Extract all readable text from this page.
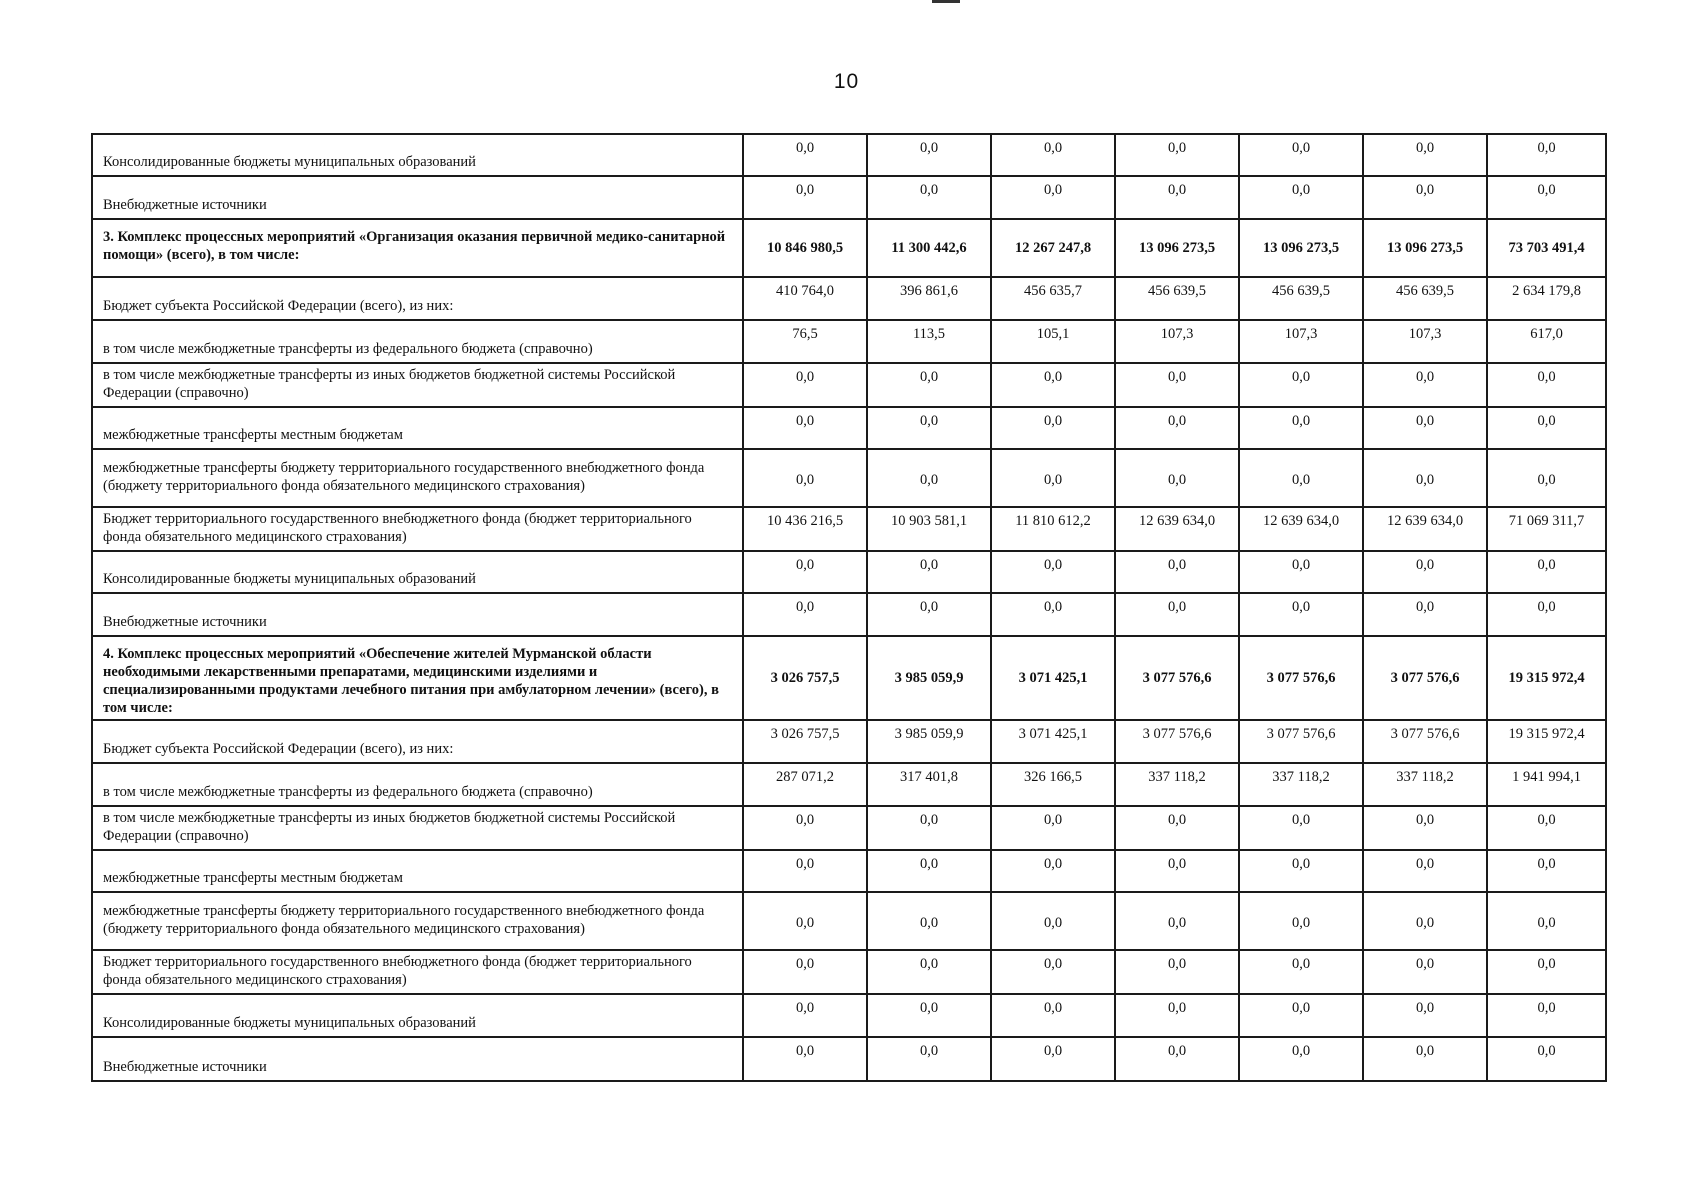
10
Консолидированные бюджеты муниципальных образований	0,0	0,0	0,0	0,0	0,0	0,0	0,0
Внебюджетные источники	0,0	0,0	0,0	0,0	0,0	0,0	0,0
3. Комплекс процессных мероприятий «Организация оказания первичной медико-санитарной помощи» (всего), в том числе:	10 846 980,5	11 300 442,6	12 267 247,8	13 096 273,5	13 096 273,5	13 096 273,5	73 703 491,4
Бюджет субъекта Российской Федерации (всего), из них:	410 764,0	396 861,6	456 635,7	456 639,5	456 639,5	456 639,5	2 634 179,8
в том числе межбюджетные трансферты из федерального бюджета (справочно)	76,5	113,5	105,1	107,3	107,3	107,3	617,0
в том числе межбюджетные трансферты из иных бюджетов бюджетной системы Российской Федерации (справочно)	0,0	0,0	0,0	0,0	0,0	0,0	0,0
межбюджетные трансферты местным бюджетам	0,0	0,0	0,0	0,0	0,0	0,0	0,0
межбюджетные трансферты бюджету территориального государственного внебюджетного фонда (бюджету территориального фонда обязательного медицинского страхования)	0,0	0,0	0,0	0,0	0,0	0,0	0,0
Бюджет территориального государственного внебюджетного фонда (бюджет территориального фонда обязательного медицинского страхования)	10 436 216,5	10 903 581,1	11 810 612,2	12 639 634,0	12 639 634,0	12 639 634,0	71 069 311,7
Консолидированные бюджеты муниципальных образований	0,0	0,0	0,0	0,0	0,0	0,0	0,0
Внебюджетные источники	0,0	0,0	0,0	0,0	0,0	0,0	0,0
4. Комплекс процессных мероприятий «Обеспечение жителей Мурманской области необходимыми лекарственными препаратами, медицинскими изделиями и специализированными продуктами лечебного питания при амбулаторном лечении» (всего), в том числе:	3 026 757,5	3 985 059,9	3 071 425,1	3 077 576,6	3 077 576,6	3 077 576,6	19 315 972,4
Бюджет субъекта Российской Федерации (всего), из них:	3 026 757,5	3 985 059,9	3 071 425,1	3 077 576,6	3 077 576,6	3 077 576,6	19 315 972,4
в том числе межбюджетные трансферты из федерального бюджета (справочно)	287 071,2	317 401,8	326 166,5	337 118,2	337 118,2	337 118,2	1 941 994,1
в том числе межбюджетные трансферты из иных бюджетов бюджетной системы Российской Федерации (справочно)	0,0	0,0	0,0	0,0	0,0	0,0	0,0
межбюджетные трансферты местным бюджетам	0,0	0,0	0,0	0,0	0,0	0,0	0,0
межбюджетные трансферты бюджету территориального государственного внебюджетного фонда (бюджету территориального фонда обязательного медицинского страхования)	0,0	0,0	0,0	0,0	0,0	0,0	0,0
Бюджет территориального государственного внебюджетного фонда (бюджет территориального фонда обязательного медицинского страхования)	0,0	0,0	0,0	0,0	0,0	0,0	0,0
Консолидированные бюджеты муниципальных образований	0,0	0,0	0,0	0,0	0,0	0,0	0,0
Внебюджетные источники	0,0	0,0	0,0	0,0	0,0	0,0	0,0
